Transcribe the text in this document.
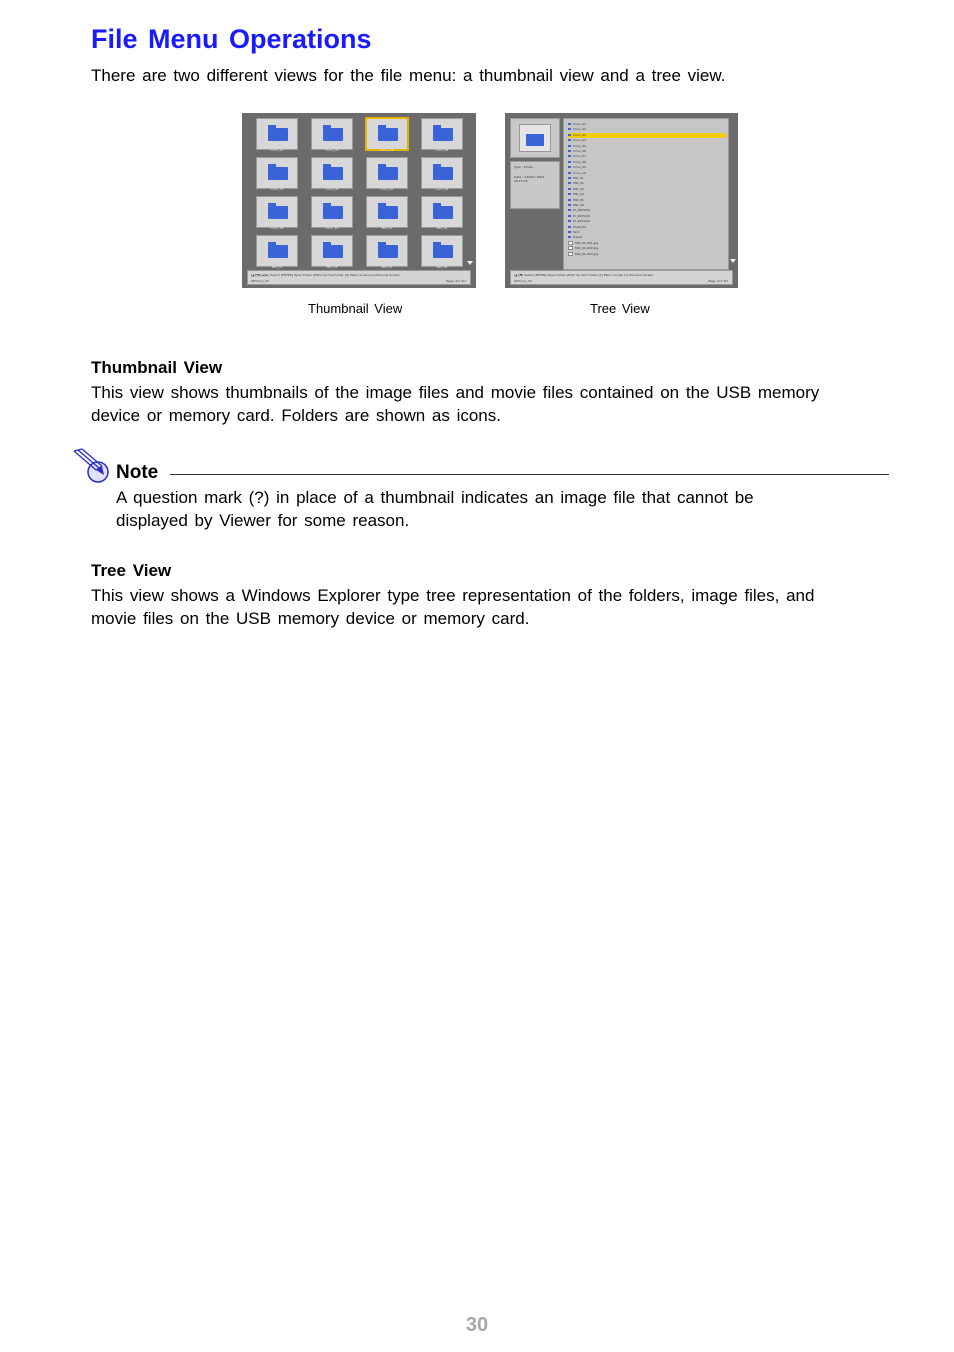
File Menu Operations
There are two different views for the file menu: a thumbnail view and a tree view.
Conv_01	Conv_02	Conv_03	Conv_04
Conv_05	Conv_06	Conv_07	Conv_08
Conv_09	Conv_10	Mkt_01	Mkt_02
Mkt_03	Mkt_04	Mkt_05	Mkt_06
[▲][▼][◄][►] Select [ENTER] Open Folder [ESC] Up One Folder [C] Menu Screen [L] Previous Screen
\DFConv_03	Page: 0/1 /01
Type : Folder
Date : 13/06/1 2009 16:15:33
Conv_01
Conv_02
Conv_03
Conv_04
Conv_05
Conv_06
Conv_07
Conv_08
Conv_09
Conv_10
Mkt_01
Mkt_02
Mkt_03
Mkt_04
Mkt_05
Mkt_06
Pr_2005/09
Pr_2005/09
Pr_2005/09
Products
Tech
Travel
Mkt_01-001.jpg
Mkt_01-002.jpg
Mkt_01-003.jpg
[▲][▼] Select [ENTER] Open Folder [ESC] Up One Folder [C] Menu Screen [L] Previous Screen
\DFConv_03	Page: 0/1 /01
Thumbnail View	Tree View
Thumbnail View
This view shows thumbnails of the image files and movie files contained on the USB memory device or memory card. Folders are shown as icons.
Note
A question mark (?) in place of a thumbnail indicates an image file that cannot be displayed by Viewer for some reason.
Tree View
This view shows a Windows Explorer type tree representation of the folders, image files, and movie files on the USB memory device or memory card.
30
